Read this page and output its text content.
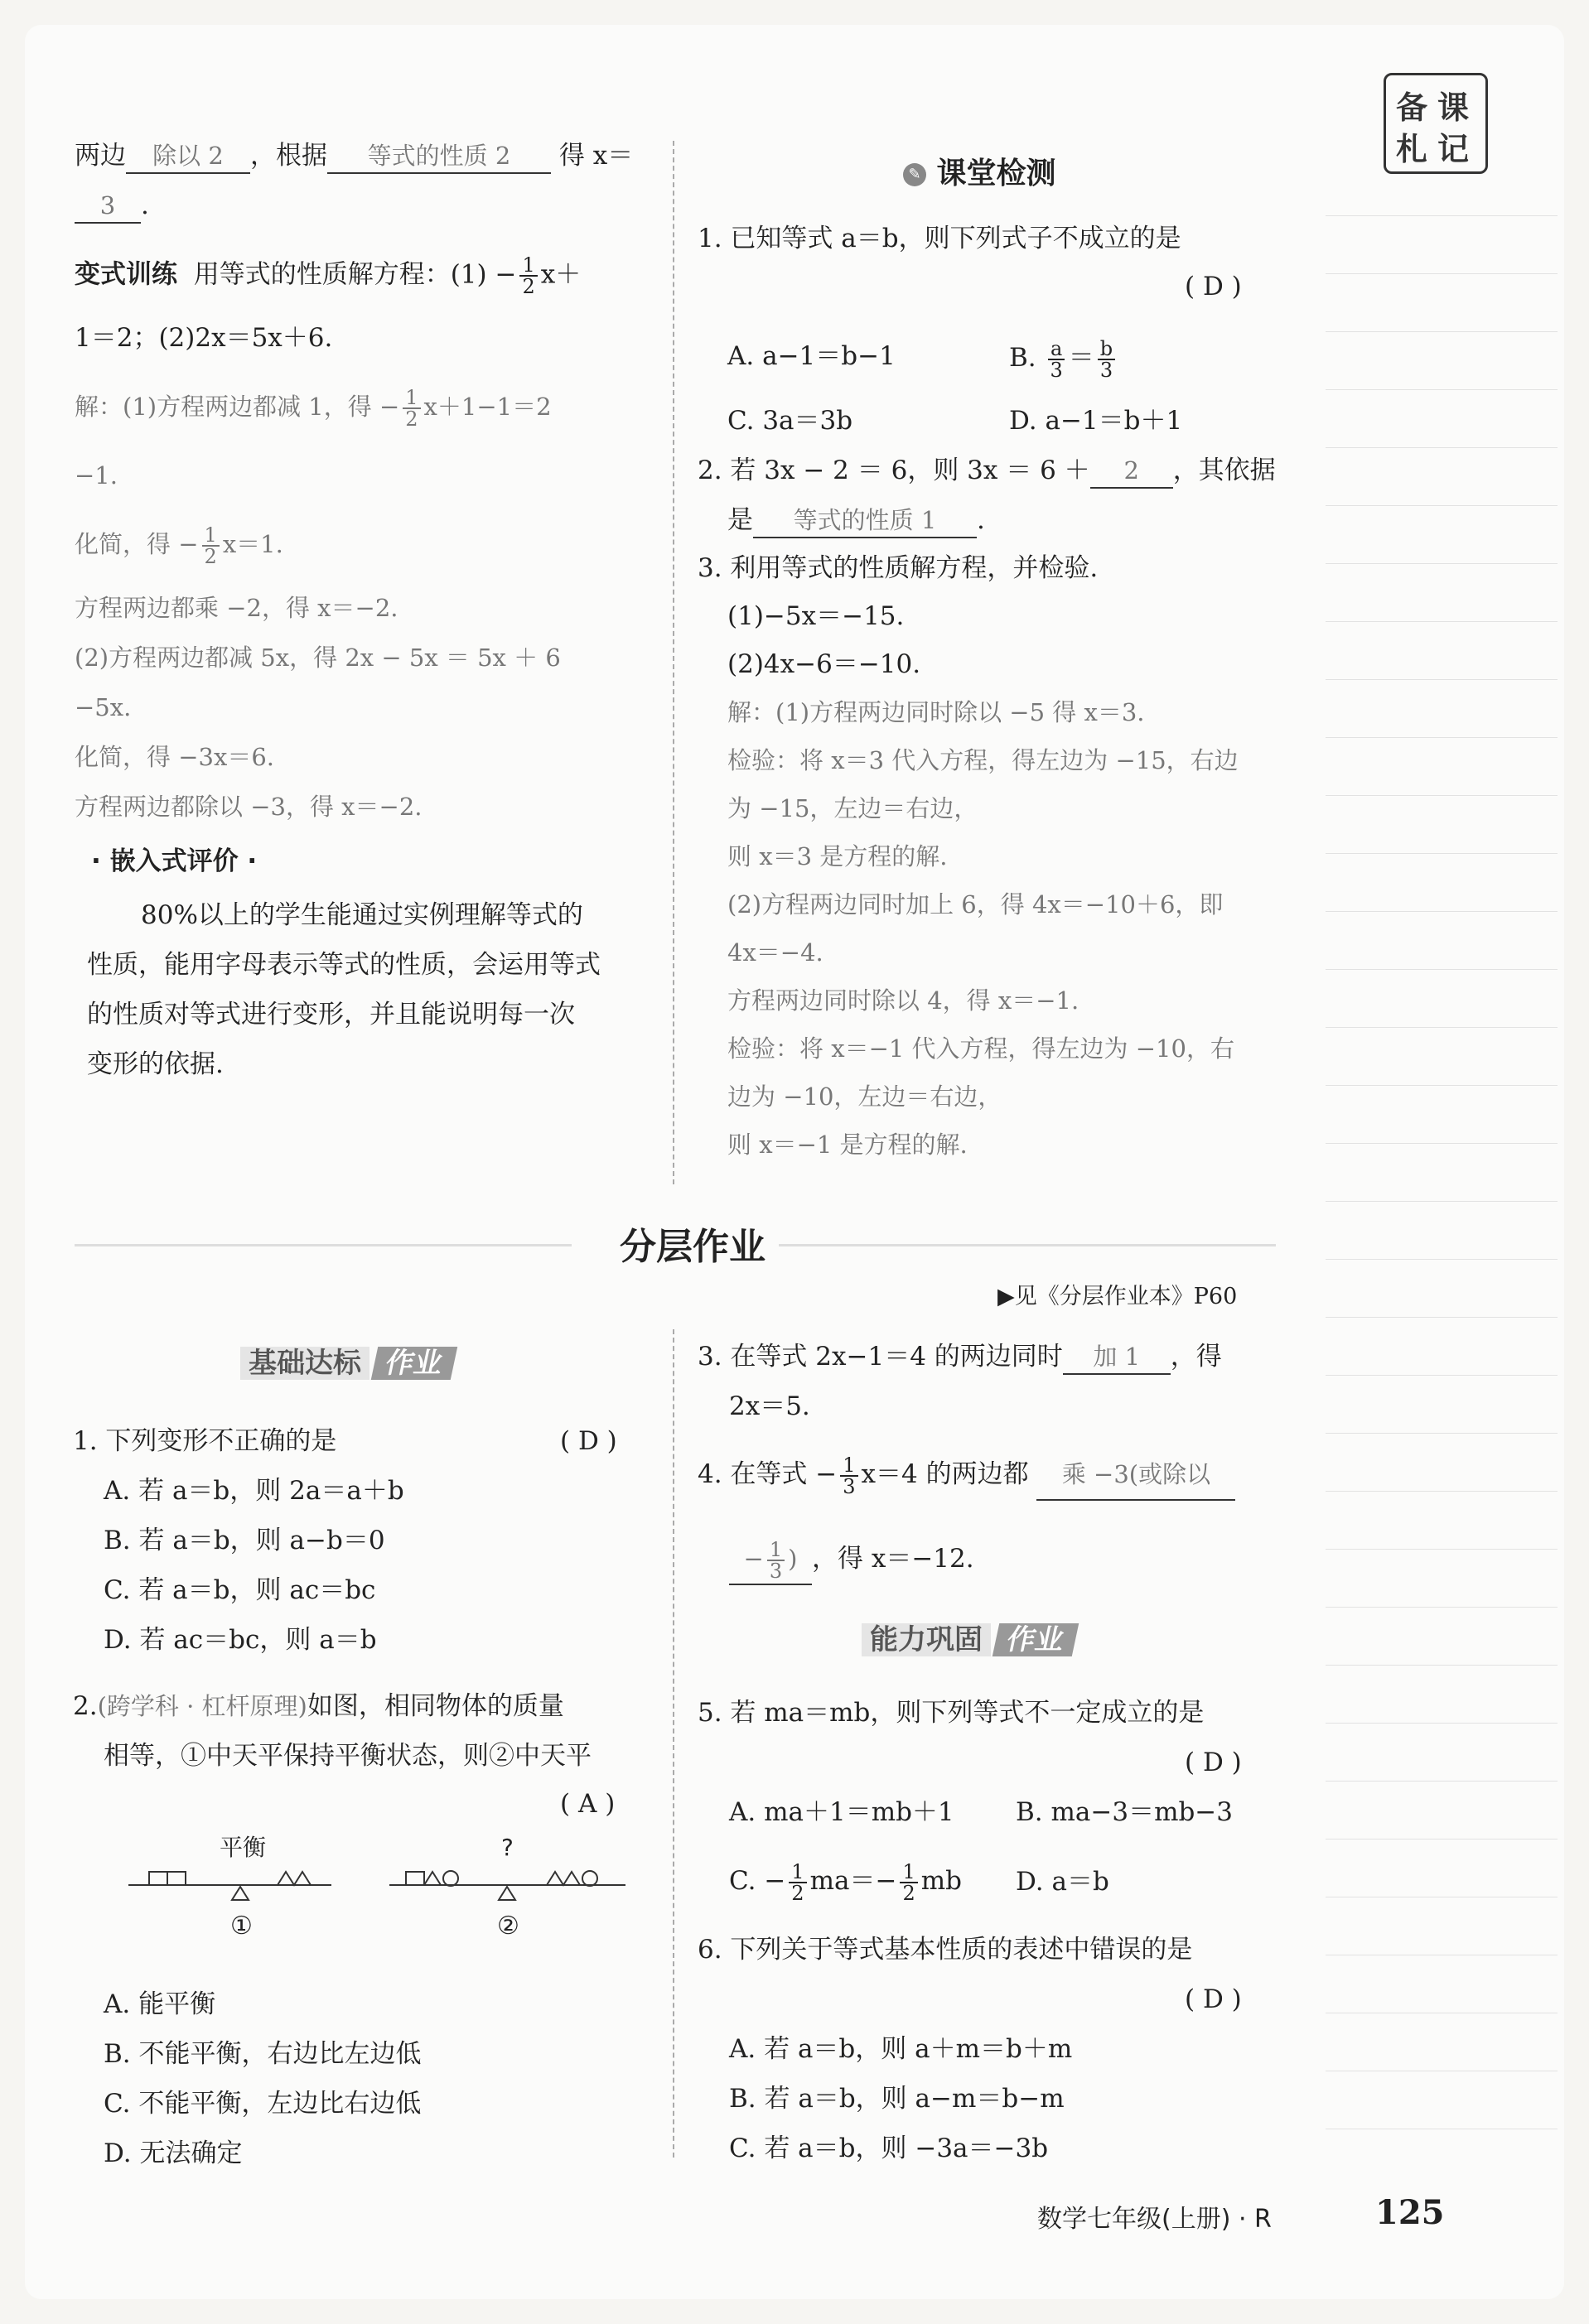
备 课
札 记
两边 除以 2 ，根据 等式的性质 2 得 x＝
3 .
变式训练 用等式的性质解方程：$(1) - \frac{1}{2} x+$
1＝2；(2)2x＝5x＋6.
解：(1)方程两边都减 1，得 − $\frac{1}{2} x+1-1=2$
−1.
化简，得 − $\frac{1}{2} x=1$.
方程两边都乘 −2，得 x＝−2.
(2)方程两边都减 5x，得 2x − 5x ＝ 5x ＋ 6
−5x.
化简，得 −3x＝6.
方程两边都除以 −3，得 x＝−2.
· 嵌入式评价 ·
80%以上的学生能通过实例理解等式的
性质，能用字母表示等式的性质，会运用等式
的性质对等式进行变形，并且能说明每一次
变形的依据.
✎ 课堂检测
1. 已知等式 a＝b，则下列式子不成立的是
( D )
A. a−1＝b−1	B. $\frac{a}{3} = \frac{b}{3}$
C. 3a＝3b	D. a−1＝b＋1
2. 若 3x − 2 ＝ 6，则 3x ＝ 6 ＋ 2 ，其依据
是 等式的性质 1 .
3. 利用等式的性质解方程，并检验.
(1)−5x＝−15.
(2)4x−6＝−10.
解：(1)方程两边同时除以 −5 得 x＝3.
检验：将 x＝3 代入方程，得左边为 −15，右边
为 −15，左边＝右边，
则 x＝3 是方程的解.
(2)方程两边同时加上 6，得 4x＝−10＋6，即
4x＝−4.
方程两边同时除以 4，得 x＝−1.
检验：将 x＝−1 代入方程，得左边为 −10，右
边为 −10，左边＝右边，
则 x＝−1 是方程的解.
分层作业
▶见《分层作业本》P60
基础达标 作业
1. 下列变形不正确的是	( D )
A. 若 a＝b，则 2a＝a＋b
B. 若 a＝b，则 a−b＝0
C. 若 a＝b，则 ac＝bc
D. 若 ac＝bc，则 a＝b
2.(跨学科 · 杠杆原理)如图，相同物体的质量
相等，①中天平保持平衡状态，则②中天平
( A )
平衡	?
①	②
A. 能平衡
B. 不能平衡，右边比左边低
C. 不能平衡，左边比右边低
D. 无法确定
3. 在等式 2x−1＝4 的两边同时 加 1 ，得
2x＝5.
4. 在等式 − $\frac{1}{3} x=4$ 的两边都 乘 −3(或除以
− $\frac{1}{3}$ ) ，得 x＝−12.
能力巩固 作业
5. 若 ma＝mb，则下列等式不一定成立的是
( D )
A. ma＋1＝mb＋1 B. ma−3＝mb−3
C. − $\frac{1}{2} ma=- \frac{1}{2}$ mb D. a＝b
6. 下列关于等式基本性质的表述中错误的是
( D )
A. 若 a＝b，则 a＋m＝b＋m
B. 若 a＝b，则 a−m＝b−m
C. 若 a＝b，则 −3a＝−3b
数学七年级(上册) · R	125
